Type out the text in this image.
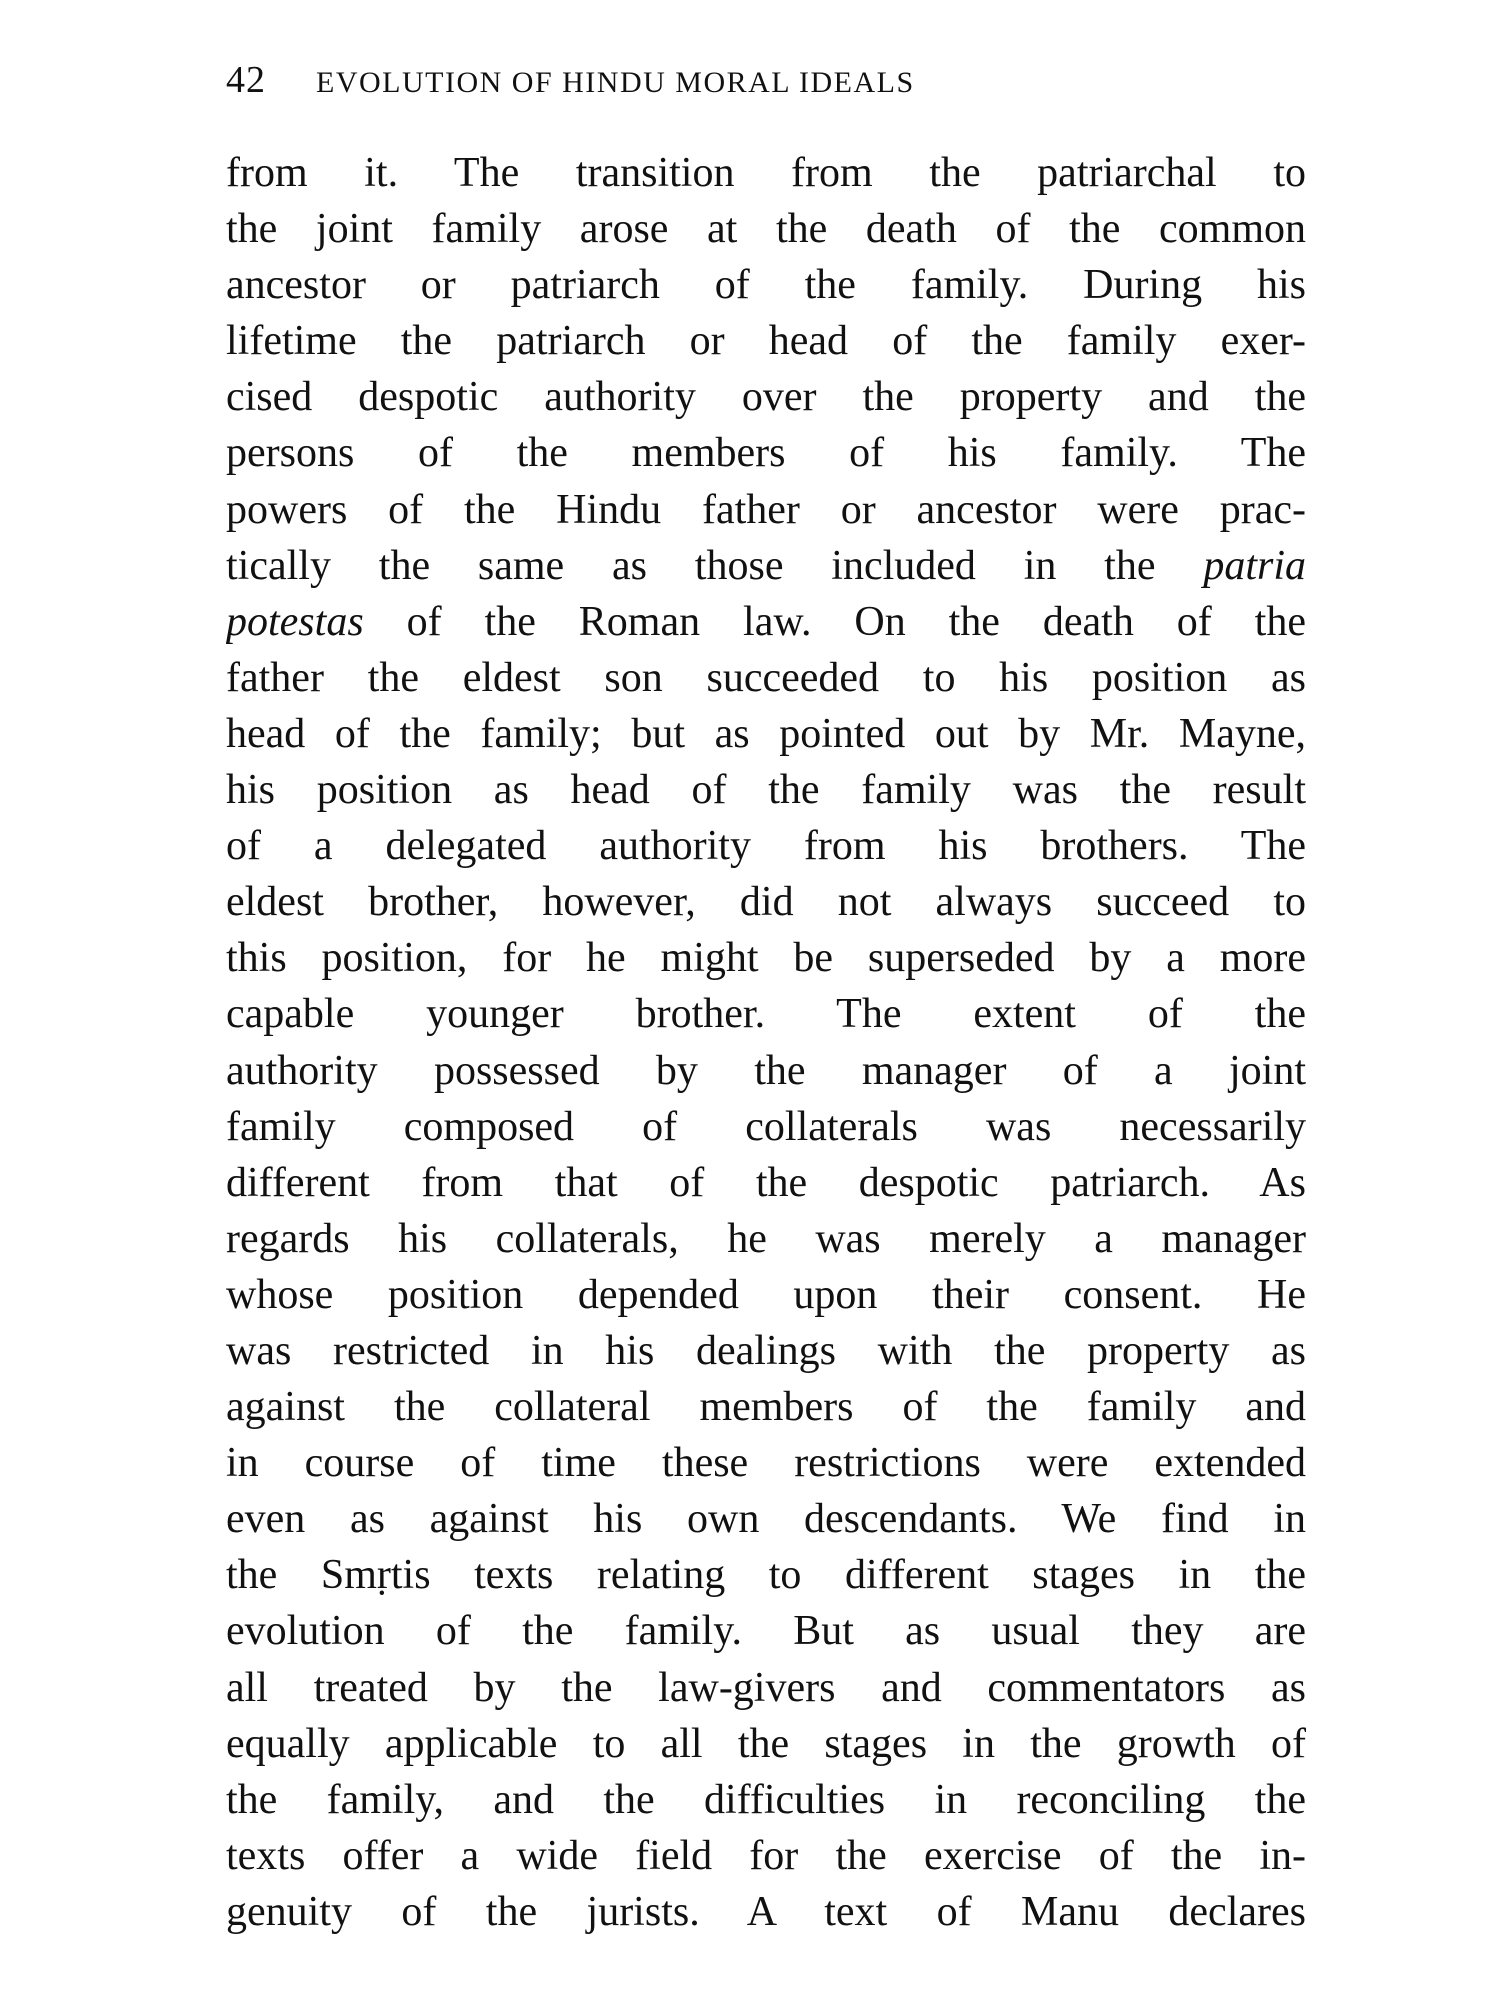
42 EVOLUTION OF HINDU MORAL IDEALS
from it. The transition from the patriarchal to
the joint family arose at the death of the common
ancestor or patriarch of the family. During his
lifetime the patriarch or head of the family exer-
cised despotic authority over the property and the
persons of the members of his family. The
powers of the Hindu father or ancestor were prac-
tically the same as those included in the patria
potestas of the Roman law. On the death of the
father the eldest son succeeded to his position as
head of the family; but as pointed out by Mr. Mayne,
his position as head of the family was the result
of a delegated authority from his brothers. The
eldest brother, however, did not always succeed to
this position, for he might be superseded by a more
capable younger brother. The extent of the
authority possessed by the manager of a joint
family composed of collaterals was necessarily
different from that of the despotic patriarch. As
regards his collaterals, he was merely a manager
whose position depended upon their consent. He
was restricted in his dealings with the property as
against the collateral members of the family and
in course of time these restrictions were extended
even as against his own descendants. We find in
the Smṛtis texts relating to different stages in the
evolution of the family. But as usual they are
all treated by the law-givers and commentators as
equally applicable to all the stages in the growth of
the family, and the difficulties in reconciling the
texts offer a wide field for the exercise of the in-
genuity of the jurists. A text of Manu declares
